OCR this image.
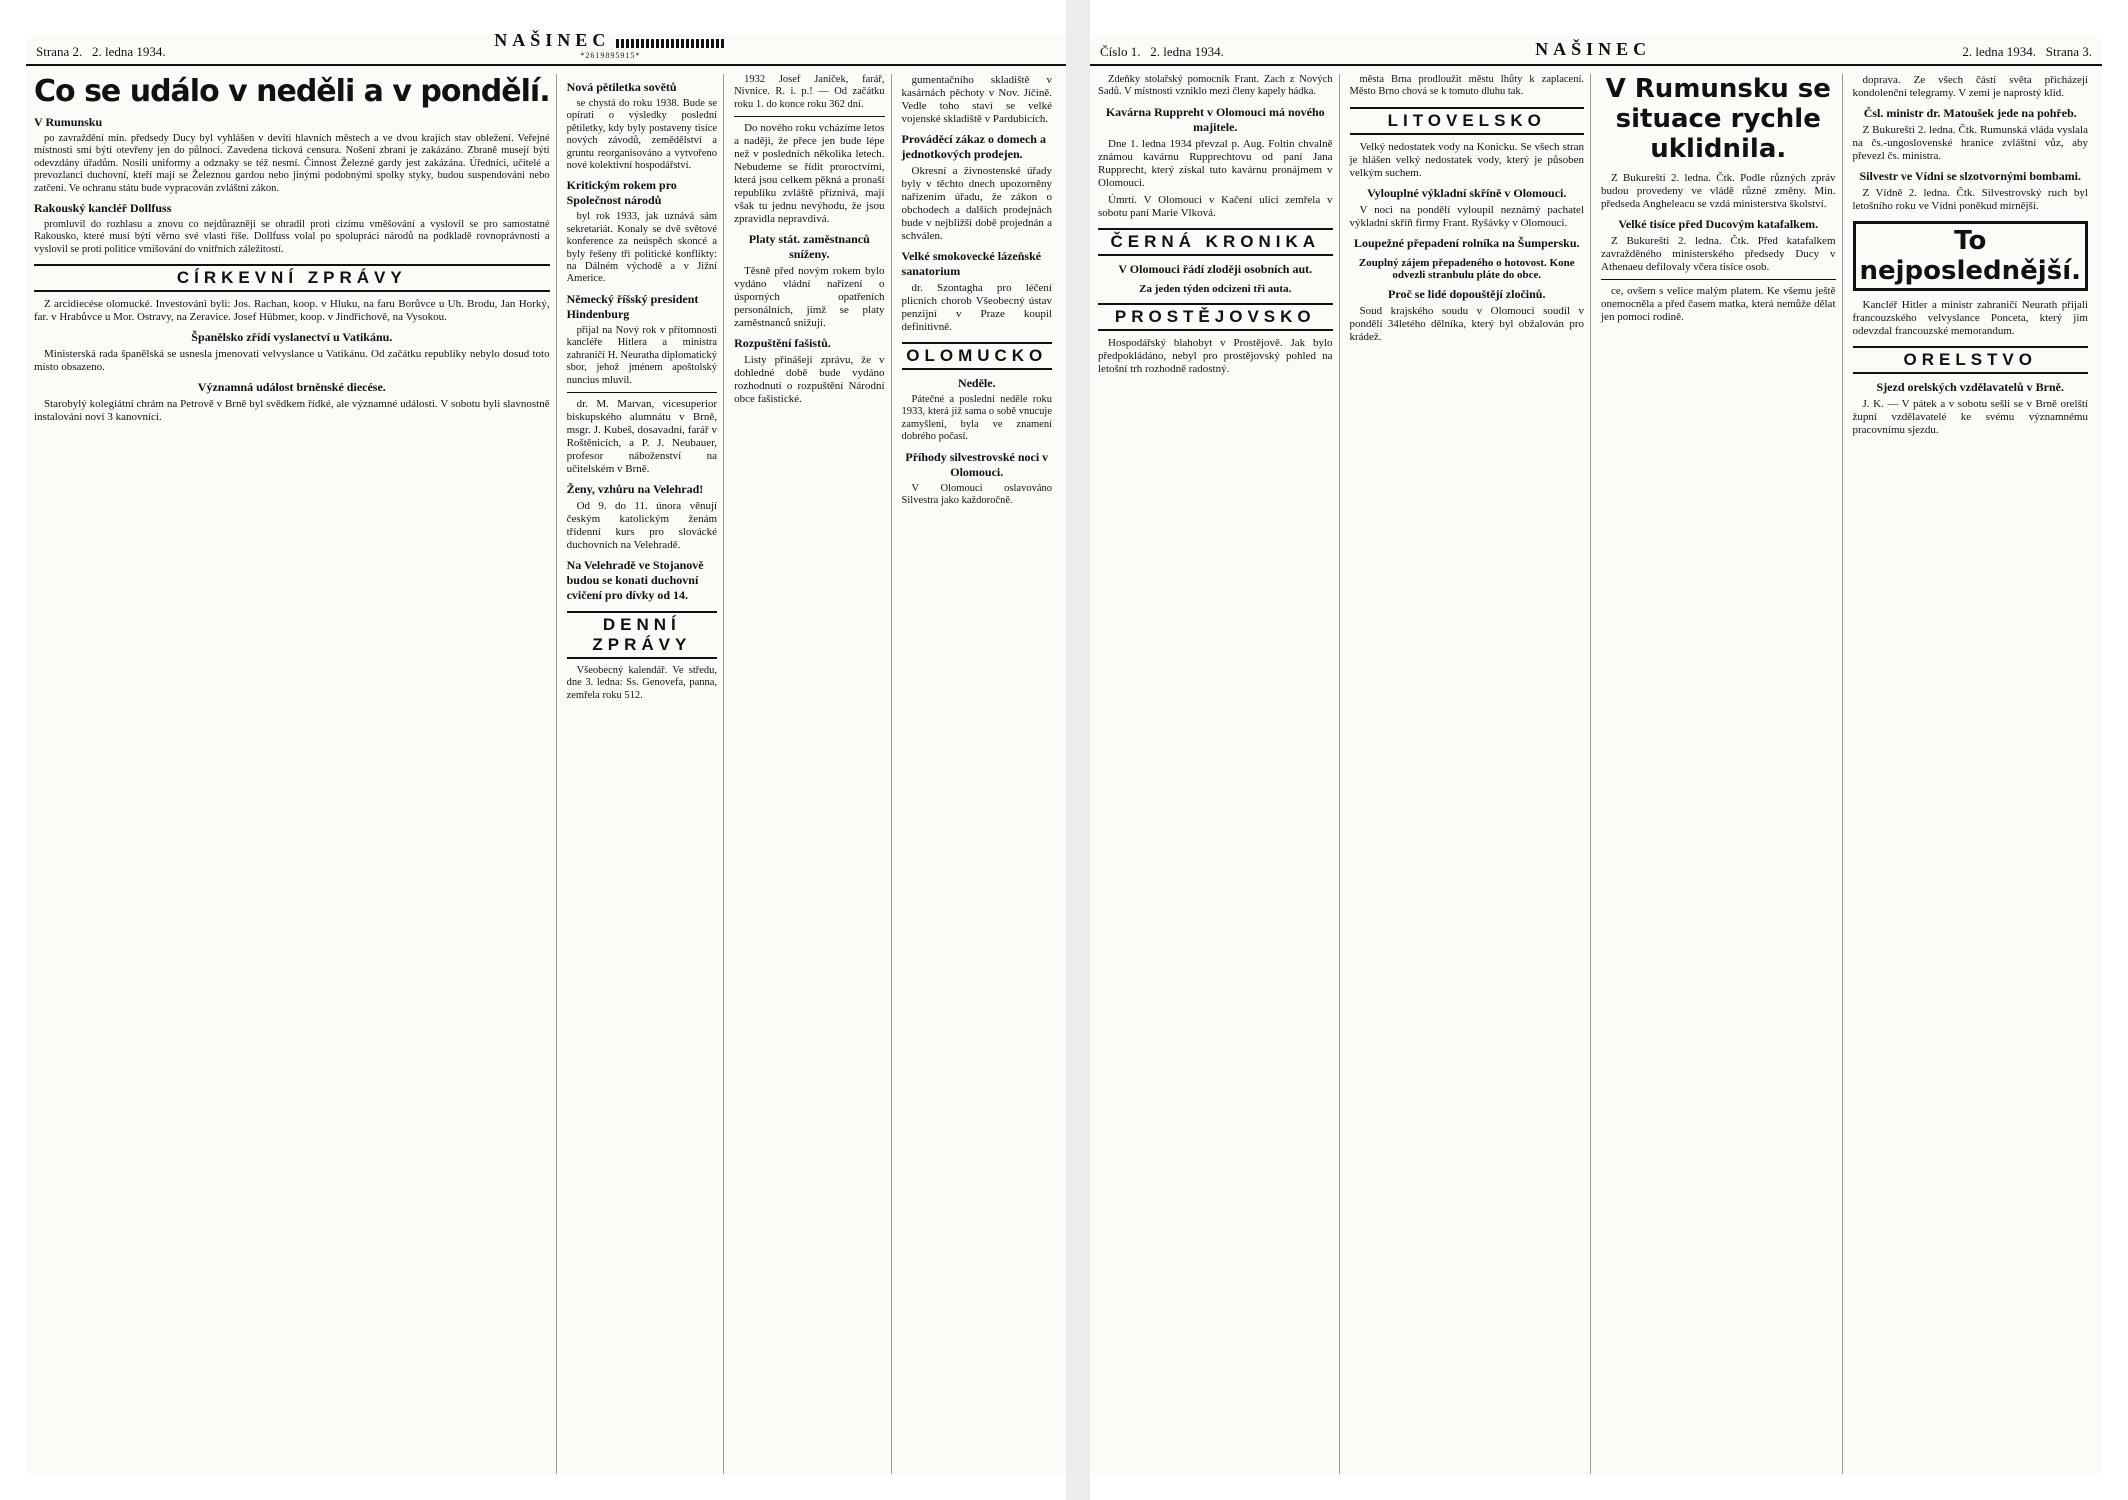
Strana 2. 2. ledna 1934.
NAŠINEC
*2619895915*
Co se událo v neděli a v pondělí.
V Rumunsku

po zavraždění min. předsedy Ducy byl vyhlášen v devíti hlavních městech a ve dvou krajích stav obležení. Veřejné místnosti smí býti otevřeny jen do půlnoci. Zavedena ticková censura. Nošení zbraní je zakázáno. Zbraně musejí býti odevzdány úřadům. Nosili uniformy a odznaky se též nesmí. Činnost Železné gardy jest zakázána. Úředníci, učitelé a prevozlanci duchovní, kteří mají se Železnou gardou nebo jinými podobnými spolky styky, budou suspendováni nebo zatčeni. Ve ochranu státu bude vypracován zvláštní zákon.

Rakouský kancléř Dollfuss

promluvil do rozhlasu a znovu co nejdůrazněji se ohradil proti cizímu vměšování a vyslovil se pro samostatné Rakousko, které musí býti věrno své vlasti říše. Dollfuss volal po spolupráci národů na podkladě rovnoprávnosti a vyslovil se proti politice vmíšování do vnitřních záležitostí.

CÍRKEVNÍ ZPRÁVY

Z arcidiecése olomucké. Investováni byli: Jos. Rachan, koop. v Hluku, na faru Borůvce u Uh. Brodu, Jan Horký, far. v Hrabůvce u Mor. Ostravy, na Zeravice. Josef Hübmer, koop. v Jindřichově, na Vysokou.

Španělsko zřídí vyslanectví u Vatikánu.

Ministerská rada španělská se usnesla jmenovati velvyslance u Vatikánu. Od začátku republiky nebylo dosud toto místo obsazeno.

Významná událost brněnské diecése.

Starobylý kolegiátní chrám na Petrově v Brně byl svědkem řídké, ale významné události. V sobotu byli slavnostně instalováni noví 3 kanovníci.

Nová pětiletka sovětů

se chystá do roku 1938. Bude se opírati o výsledky poslední pětiletky, kdy byly postaveny tisíce nových závodů, zemědělství a gruntu reorganisováno a vytvořeno nové kolektivní hospodářství.

Kritickým rokem pro Společnost národů

byl rok 1933, jak uznává sám sekretariát. Konaly se dvě světové konference za neúspěch skoncé a byly řešeny tři politické konflikty: na Dálném východě a v Jižní Americe.

Německý říšský president Hindenburg

přijal na Nový rok v přítomnosti kancléře Hitlera a ministra zahraničí H. Neuratha diplomatický sbor, jehož jménem apoštolský nuncius mluvil.

dr. M. Marvan, vicesuperior biskupského alumnátu v Brně, msgr. J. Kubeš, dosavadní, farář v Roštěnicích, a P. J. Neubauer, profesor náboženství na učitelském v Brně.

Ženy, vzhůru na Velehrad!

Od 9. do 11. února věnují českým katolickým ženám třídenní kurs pro slovácké duchovních na Velehradě.

Na Velehradě ve Stojanově budou se konati duchovní cvičení pro dívky od 14.
DENNÍ ZPRÁVY

Všeobecný kalendář. Ve středu, dne 3. ledna: Ss. Genovefa, panna, zemřela roku 512.

1932 Josef Janíček, farář, Nivnice. R. i. p.! — Od začátku roku 1. do konce roku 362 dní.

Do nového roku vcházíme letos a naději, že přece jen bude lépe než v posledních několika letech. Nebudeme se řídit proroctvími, která jsou celkem pěkná a pronaší republiku zvláště příznivá, mají však tu jednu nevýhodu, že jsou zpravidla nepravdivá.

Platy stát. zaměstnanců sníženy.

Těsně před novým rokem bylo vydáno vládní nařízení o úsporných opatřeních personálních, jímž se platy zaměstnanců snižují.

Rozpuštění fašistů.

Listy přinášejí zprávu, že v dohledné době bude vydáno rozhodnutí o rozpuštění Národní obce fašistické.

gumentačního skladiště v kasárnách pěchoty v Nov. Jičíně. Vedle toho staví se velké vojenské skladiště v Pardubicích.

Prováděcí zákaz o domech a jednotkových prodejen.

Okresní a živnostenské úřady byly v těchto dnech upozorněny nařízením úřadu, že zákon o obchodech a dalších prodejnách bude v nejbližší době projednán a schválen.

Velké smokovecké lázeňské sanatorium

dr. Szontagha pro léčení plicních chorob Všeobecný ústav penzijní v Praze koupil definitivně.

OLOMUCKO
Neděle.

Pátečné a poslední neděle roku 1933, která již sama o sobě vnucuje zamyšlení, byla ve znamení dobrého počasí.

Příhody silvestrovské noci v Olomouci.

V Olomouci oslavováno Silvestra jako každoročně.

Číslo 1. 2. ledna 1934.	NAŠINEC	2. ledna 1934. Strana 3.

Zdeňky stolařský pomocník Frant. Zach z Nových Sadů. V místnosti vzniklo mezi členy kapely hádka.

Kavárna Ruppreht v Olomouci má nového majitele.

Dne 1. ledna 1934 převzal p. Aug. Foltin chvalně známou kavárnu Rupprechtovu od paní Jana Rupprecht, který získal tuto kavárnu pronájmem v Olomouci.

Úmrtí. V Olomouci v Kačení ulici zemřela v sobotu paní Marie Vlková.

ČERNÁ KRONIKA
V Olomouci řádí zloději osobních aut.

Za jeden týden odcizeni tři auta.

PROSTĚJOVSKO

Hospodářský blahobyt v Prostějově. Jak bylo předpokládáno, nebyl pro prostějovský pohled na letošní trh rozhodně radostný.

města Brna prodloužit městu lhůty k zaplacení. Město Brno chová se k tomuto dluhu tak.

LITOVELSKO

Velký nedostatek vody na Konicku. Se všech stran je hlášen velký nedostatek vody, který je působen velkým suchem.

Vylouplné výkladní skříně v Olomouci.

V noci na pondělí vyloupil neznámý pachatel výkladní skříň firmy Frant. Ryšávky v Olomouci.

Loupežné přepadení rolníka na Šumpersku.

Zouplný zájem přepadeného o hotovost. Kone odvezli stranbulu pláte do obce.

Proč se lidé dopouštějí zločinů.

Soud krajského soudu v Olomouci soudil v pondělí 34letého dělníka, který byl obžalován pro krádež.

V Rumunsku se situace rychle uklidnila.

Z Bukurešti 2. ledna. Čtk. Podle různých zpráv budou provedeny ve vládě různé změny. Min. předseda Angheleacu se vzdá ministerstva školství.

Velké tisíce před Ducovým katafalkem.

Z Bukurešti 2. ledna. Čtk. Před katafalkem zavražděného ministerského předsedy Ducy v Athenaeu defilovaly včera tisíce osob.

ce, ovšem s velice malým platem. Ke všemu ještě onemocněla a před časem matka, která nemůže dělat jen pomoci rodině.

doprava. Ze všech částí světa přicházejí kondolenční telegramy. V zemi je naprostý klid.

Čsl. ministr dr. Matoušek jede na pohřeb.

Z Bukurešti 2. ledna. Čtk. Rumunská vláda vyslala na čs.-ungoslovenské hranice zvláštní vůz, aby převezl čs. ministra.

Silvestr ve Vídni se slzotvornými bombami.

Z Vídně 2. ledna. Čtk. Silvestrovský ruch byl letošního roku ve Vídni poněkud mírnější.

To nejposlednější.

Kancléř Hitler a ministr zahraničí Neurath přijali francouzského velvyslance Ponceta, který jim odevzdal francouzské memorandum.

ORELSTVO
Sjezd orelských vzdělavatelů v Brně.

J. K. — V pátek a v sobotu sešli se v Brně orelští župní vzdělavatelé ke svému významnému pracovnímu sjezdu.
